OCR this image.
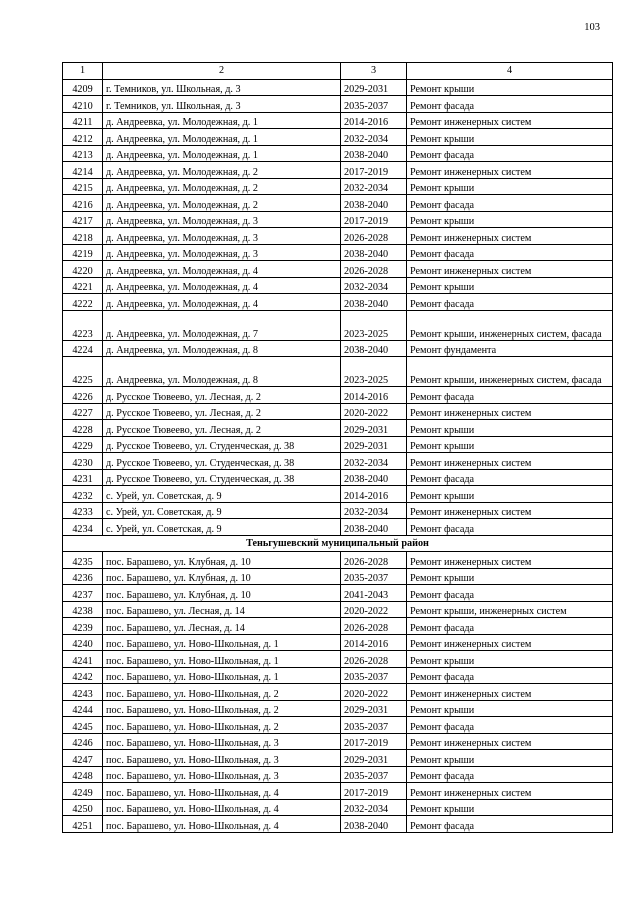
103
1	2	3	4
4209	г. Темников, ул. Школьная, д. 3	2029-2031	Ремонт крыши
4210	г. Темников, ул. Школьная, д. 3	2035-2037	Ремонт фасада
4211	д. Андреевка, ул. Молодежная, д. 1	2014-2016	Ремонт инженерных систем
4212	д. Андреевка, ул. Молодежная, д. 1	2032-2034	Ремонт крыши
4213	д. Андреевка, ул. Молодежная, д. 1	2038-2040	Ремонт фасада
4214	д. Андреевка, ул. Молодежная, д. 2	2017-2019	Ремонт инженерных систем
4215	д. Андреевка, ул. Молодежная, д. 2	2032-2034	Ремонт крыши
4216	д. Андреевка, ул. Молодежная, д. 2	2038-2040	Ремонт фасада
4217	д. Андреевка, ул. Молодежная, д. 3	2017-2019	Ремонт крыши
4218	д. Андреевка, ул. Молодежная, д. 3	2026-2028	Ремонт инженерных систем
4219	д. Андреевка, ул. Молодежная, д. 3	2038-2040	Ремонт фасада
4220	д. Андреевка, ул. Молодежная, д. 4	2026-2028	Ремонт инженерных систем
4221	д. Андреевка, ул. Молодежная, д. 4	2032-2034	Ремонт крыши
4222	д. Андреевка, ул. Молодежная, д. 4	2038-2040	Ремонт фасада
4223	д. Андреевка, ул. Молодежная, д. 7	2023-2025	Ремонт крыши, инженерных систем, фасада
4224	д. Андреевка, ул. Молодежная, д. 8	2038-2040	Ремонт фундамента
4225	д. Андреевка, ул. Молодежная, д. 8	2023-2025	Ремонт крыши, инженерных систем, фасада
4226	д. Русское Тювеево, ул. Лесная, д. 2	2014-2016	Ремонт фасада
4227	д. Русское Тювеево, ул. Лесная, д. 2	2020-2022	Ремонт инженерных систем
4228	д. Русское Тювеево, ул. Лесная, д. 2	2029-2031	Ремонт крыши
4229	д. Русское Тювеево, ул. Студенческая, д. 38	2029-2031	Ремонт крыши
4230	д. Русское Тювеево, ул. Студенческая, д. 38	2032-2034	Ремонт инженерных систем
4231	д. Русское Тювеево, ул. Студенческая, д. 38	2038-2040	Ремонт фасада
4232	с. Урей, ул. Советская, д. 9	2014-2016	Ремонт крыши
4233	с. Урей, ул. Советская, д. 9	2032-2034	Ремонт инженерных систем
4234	с. Урей, ул. Советская, д. 9	2038-2040	Ремонт фасада
Теньгушевский муниципальный район			
4235	пос. Барашево, ул. Клубная, д. 10	2026-2028	Ремонт инженерных систем
4236	пос. Барашево, ул. Клубная, д. 10	2035-2037	Ремонт крыши
4237	пос. Барашево, ул. Клубная, д. 10	2041-2043	Ремонт фасада
4238	пос. Барашево, ул. Лесная, д. 14	2020-2022	Ремонт крыши, инженерных систем
4239	пос. Барашево, ул. Лесная, д. 14	2026-2028	Ремонт фасада
4240	пос. Барашево, ул. Ново-Школьная, д. 1	2014-2016	Ремонт инженерных систем
4241	пос. Барашево, ул. Ново-Школьная, д. 1	2026-2028	Ремонт крыши
4242	пос. Барашево, ул. Ново-Школьная, д. 1	2035-2037	Ремонт фасада
4243	пос. Барашево, ул. Ново-Школьная, д. 2	2020-2022	Ремонт инженерных систем
4244	пос. Барашево, ул. Ново-Школьная, д. 2	2029-2031	Ремонт крыши
4245	пос. Барашево, ул. Ново-Школьная, д. 2	2035-2037	Ремонт фасада
4246	пос. Барашево, ул. Ново-Школьная, д. 3	2017-2019	Ремонт инженерных систем
4247	пос. Барашево, ул. Ново-Школьная, д. 3	2029-2031	Ремонт крыши
4248	пос. Барашево, ул. Ново-Школьная, д. 3	2035-2037	Ремонт фасада
4249	пос. Барашево, ул. Ново-Школьная, д. 4	2017-2019	Ремонт инженерных систем
4250	пос. Барашево, ул. Ново-Школьная, д. 4	2032-2034	Ремонт крыши
4251	пос. Барашево, ул. Ново-Школьная, д. 4	2038-2040	Ремонт фасада
